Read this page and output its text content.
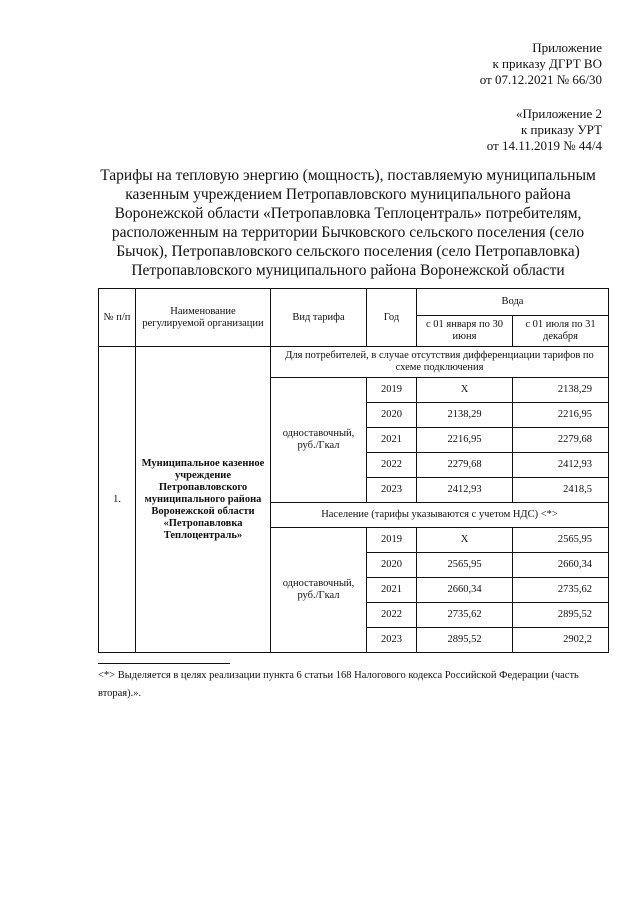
Приложение
к приказу ДГРТ ВО
от 07.12.2021 № 66/30
«Приложение 2
к приказу УРТ
от 14.11.2019 № 44/4
Тарифы на тепловую энергию (мощность), поставляемую муниципальным
казенным учреждением Петропавловского муниципального района
Воронежской области «Петропавловка Теплоцентраль» потребителям,
расположенным на территории Бычковского сельского поселения (село
Бычок), Петропавловского сельского поселения (село Петропавловка)
Петропавловского муниципального района Воронежской области
№ п/п	Наименование регулируемой организации	Вид тарифа	Год	Вода	
				с 01 января по 30 июня	с 01 июля по 31 декабря
1.	Муниципальное казенное учреждение Петропавловского муниципального района Воронежской области «Петропавловка Теплоцентраль»	Для потребителей, в случае отсутствия дифференциации тарифов по схеме подключения			
		одноставочный, руб./Гкал	2019	X	2138,29
			2020	2138,29	2216,95
			2021	2216,95	2279,68
			2022	2279,68	2412,93
			2023	2412,93	2418,5
		Население (тарифы указываются с учетом НДС) <*>			
		одноставочный, руб./Гкал	2019	X	2565,95
			2020	2565,95	2660,34
			2021	2660,34	2735,62
			2022	2735,62	2895,52
			2023	2895,52	2902,2
<*> Выделяется в целях реализации пункта 6 статьи 168 Налогового кодекса Российской Федерации (часть вторая).».
